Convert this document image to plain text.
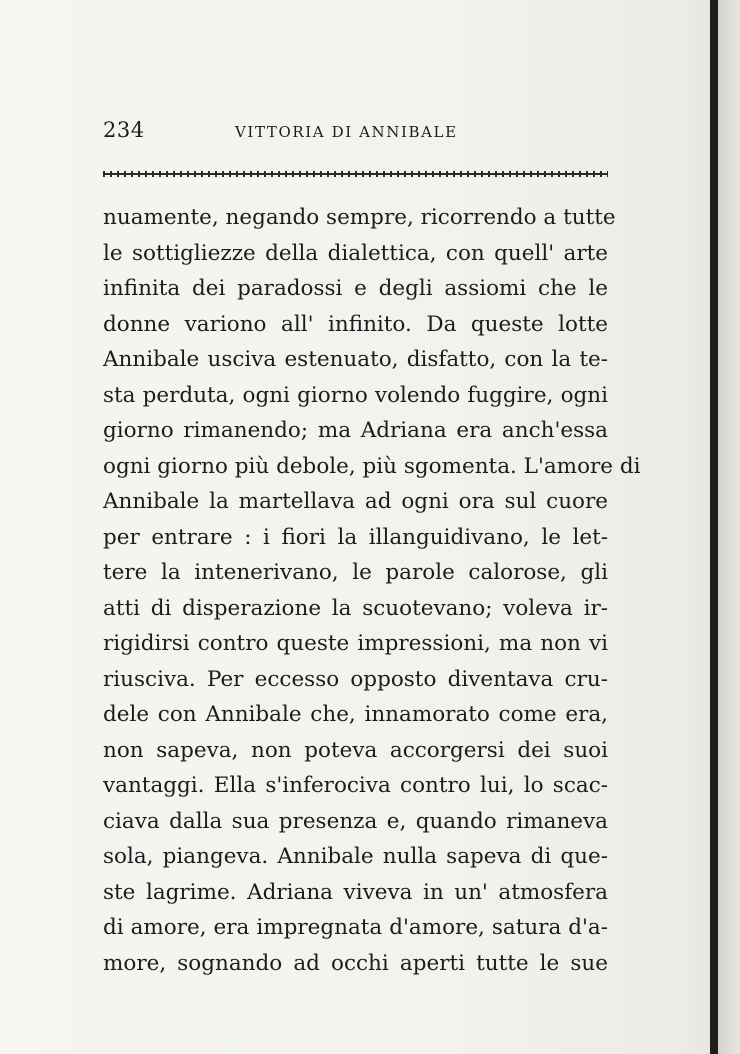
234	VITTORIA DI ANNIBALE
nuamente, negando sempre, ricorrendo a tutte
le sottigliezze della dialettica, con quell' arte
infinita dei paradossi e degli assiomi che le
donne variono all' infinito. Da queste lotte
Annibale usciva estenuato, disfatto, con la te-
sta perduta, ogni giorno volendo fuggire, ogni
giorno rimanendo; ma Adriana era anch'essa
ogni giorno più debole, più sgomenta. L'amore di
Annibale la martellava ad ogni ora sul cuore
per entrare : i fiori la illanguidivano, le let-
tere la intenerivano, le parole calorose, gli
atti di disperazione la scuotevano; voleva ir-
rigidirsi contro queste impressioni, ma non vi
riusciva. Per eccesso opposto diventava cru-
dele con Annibale che, innamorato come era,
non sapeva, non poteva accorgersi dei suoi
vantaggi. Ella s'inferociva contro lui, lo scac-
ciava dalla sua presenza e, quando rimaneva
sola, piangeva. Annibale nulla sapeva di que-
ste lagrime. Adriana viveva in un' atmosfera
di amore, era impregnata d'amore, satura d'a-
more, sognando ad occhi aperti tutte le sue
